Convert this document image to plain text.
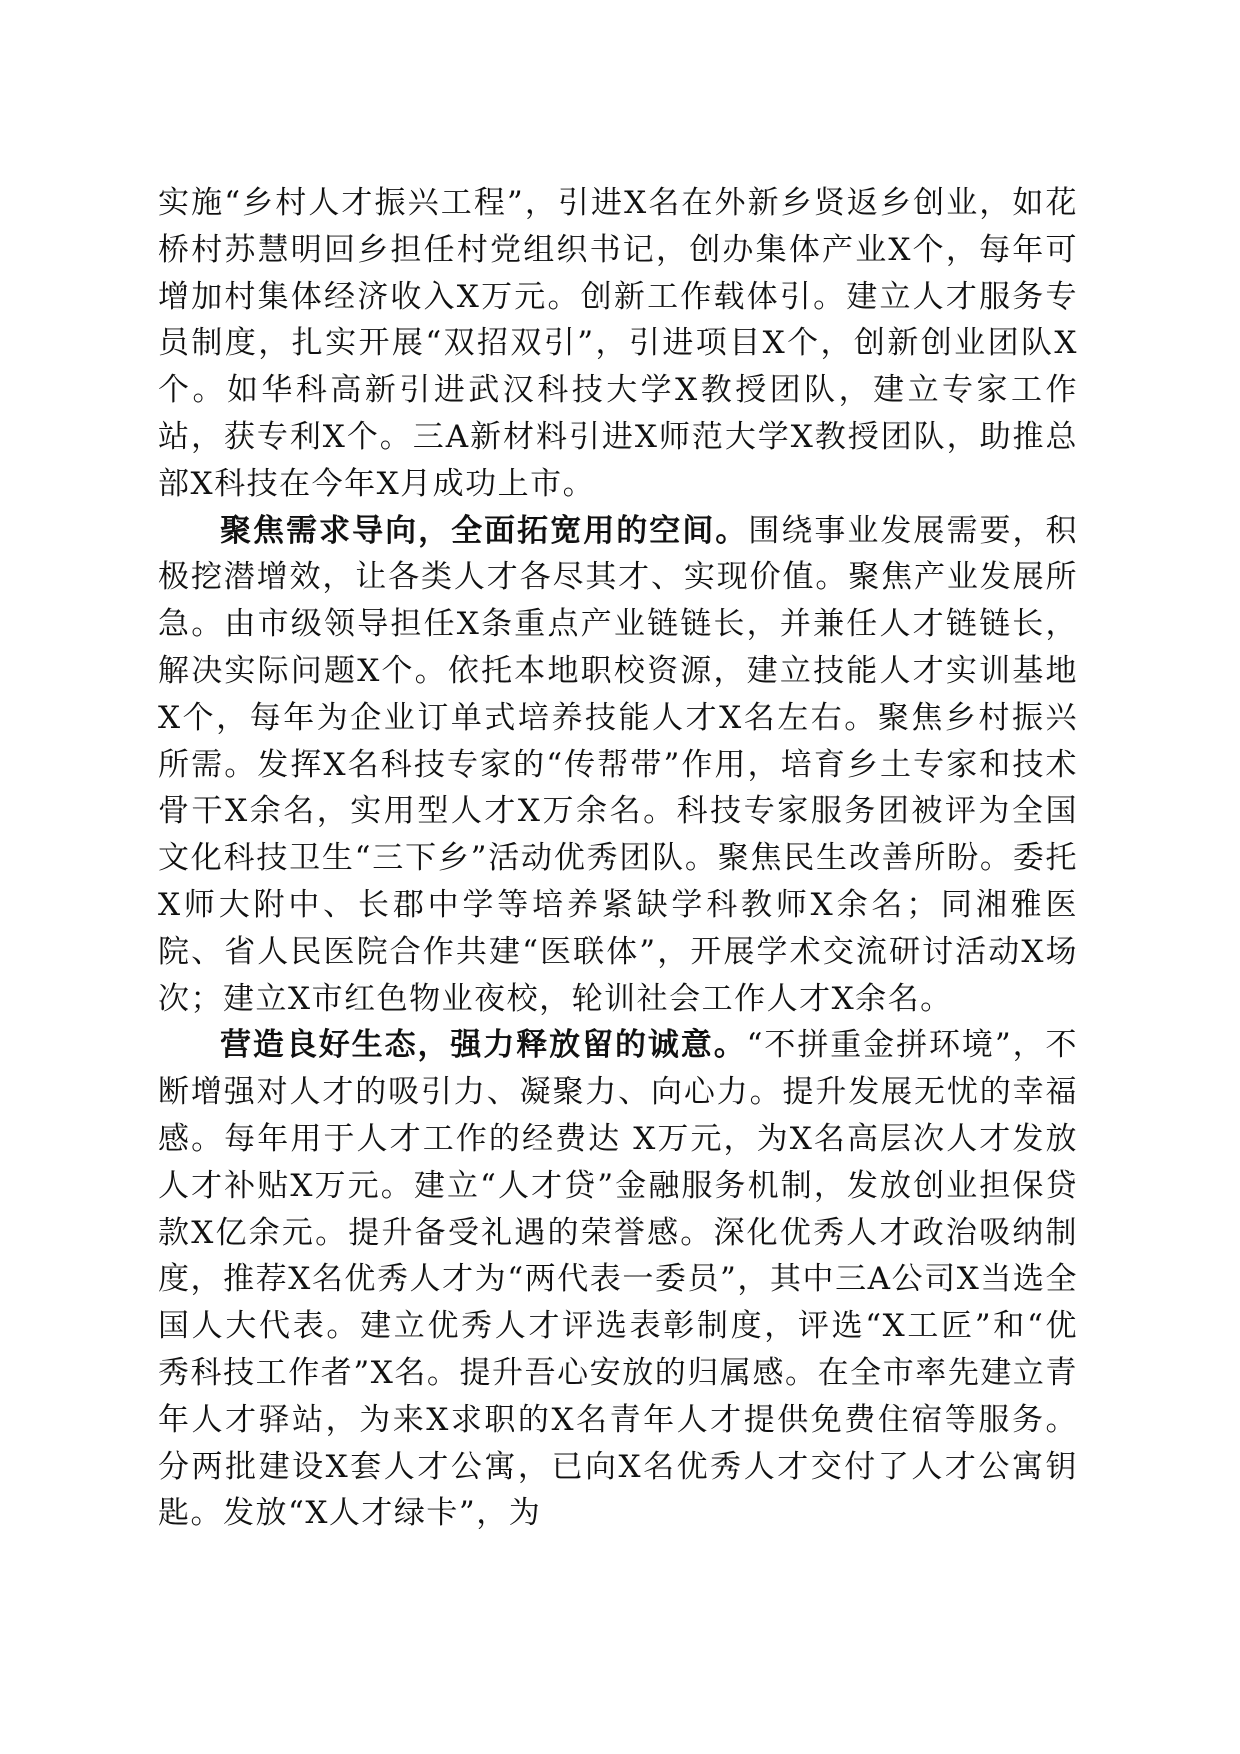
实施“乡村人才振兴工程”，引进X名在外新乡贤返乡创业，如花桥村苏慧明回乡担任村党组织书记，创办集体产业X个，每年可增加村集体经济收入X万元。创新工作载体引。建立人才服务专员制度，扎实开展“双招双引”，引进项目X个，创新创业团队X个。如华科高新引进武汉科技大学X教授团队，建立专家工作站，获专利X个。三A新材料引进X师范大学X教授团队，助推总部X科技在今年X月成功上市。

聚焦需求导向，全面拓宽用的空间。围绕事业发展需要，积极挖潜增效，让各类人才各尽其才、实现价值。聚焦产业发展所急。由市级领导担任X条重点产业链链长，并兼任人才链链长，解决实际问题X个。依托本地职校资源，建立技能人才实训基地X个，每年为企业订单式培养技能人才X名左右。聚焦乡村振兴所需。发挥X名科技专家的“传帮带”作用，培育乡土专家和技术骨干X余名，实用型人才X万余名。科技专家服务团被评为全国文化科技卫生“三下乡”活动优秀团队。聚焦民生改善所盼。委托X师大附中、长郡中学等培养紧缺学科教师X余名；同湘雅医院、省人民医院合作共建“医联体”，开展学术交流研讨活动X场次；建立X市红色物业夜校，轮训社会工作人才X余名。

营造良好生态，强力释放留的诚意。“不拼重金拼环境”，不断增强对人才的吸引力、凝聚力、向心力。提升发展无忧的幸福感。每年用于人才工作的经费达 X万元，为X名高层次人才发放人才补贴X万元。建立“人才贷”金融服务机制，发放创业担保贷款X亿余元。提升备受礼遇的荣誉感。深化优秀人才政治吸纳制度，推荐X名优秀人才为“两代表一委员”，其中三A公司X当选全国人大代表。建立优秀人才评选表彰制度，评选“X工匠”和“优秀科技工作者”X名。提升吾心安放的归属感。在全市率先建立青年人才驿站，为来X求职的X名青年人才提供免费住宿等服务。分两批建设X套人才公寓，已向X名优秀人才交付了人才公寓钥匙。发放“X人才绿卡”，为
